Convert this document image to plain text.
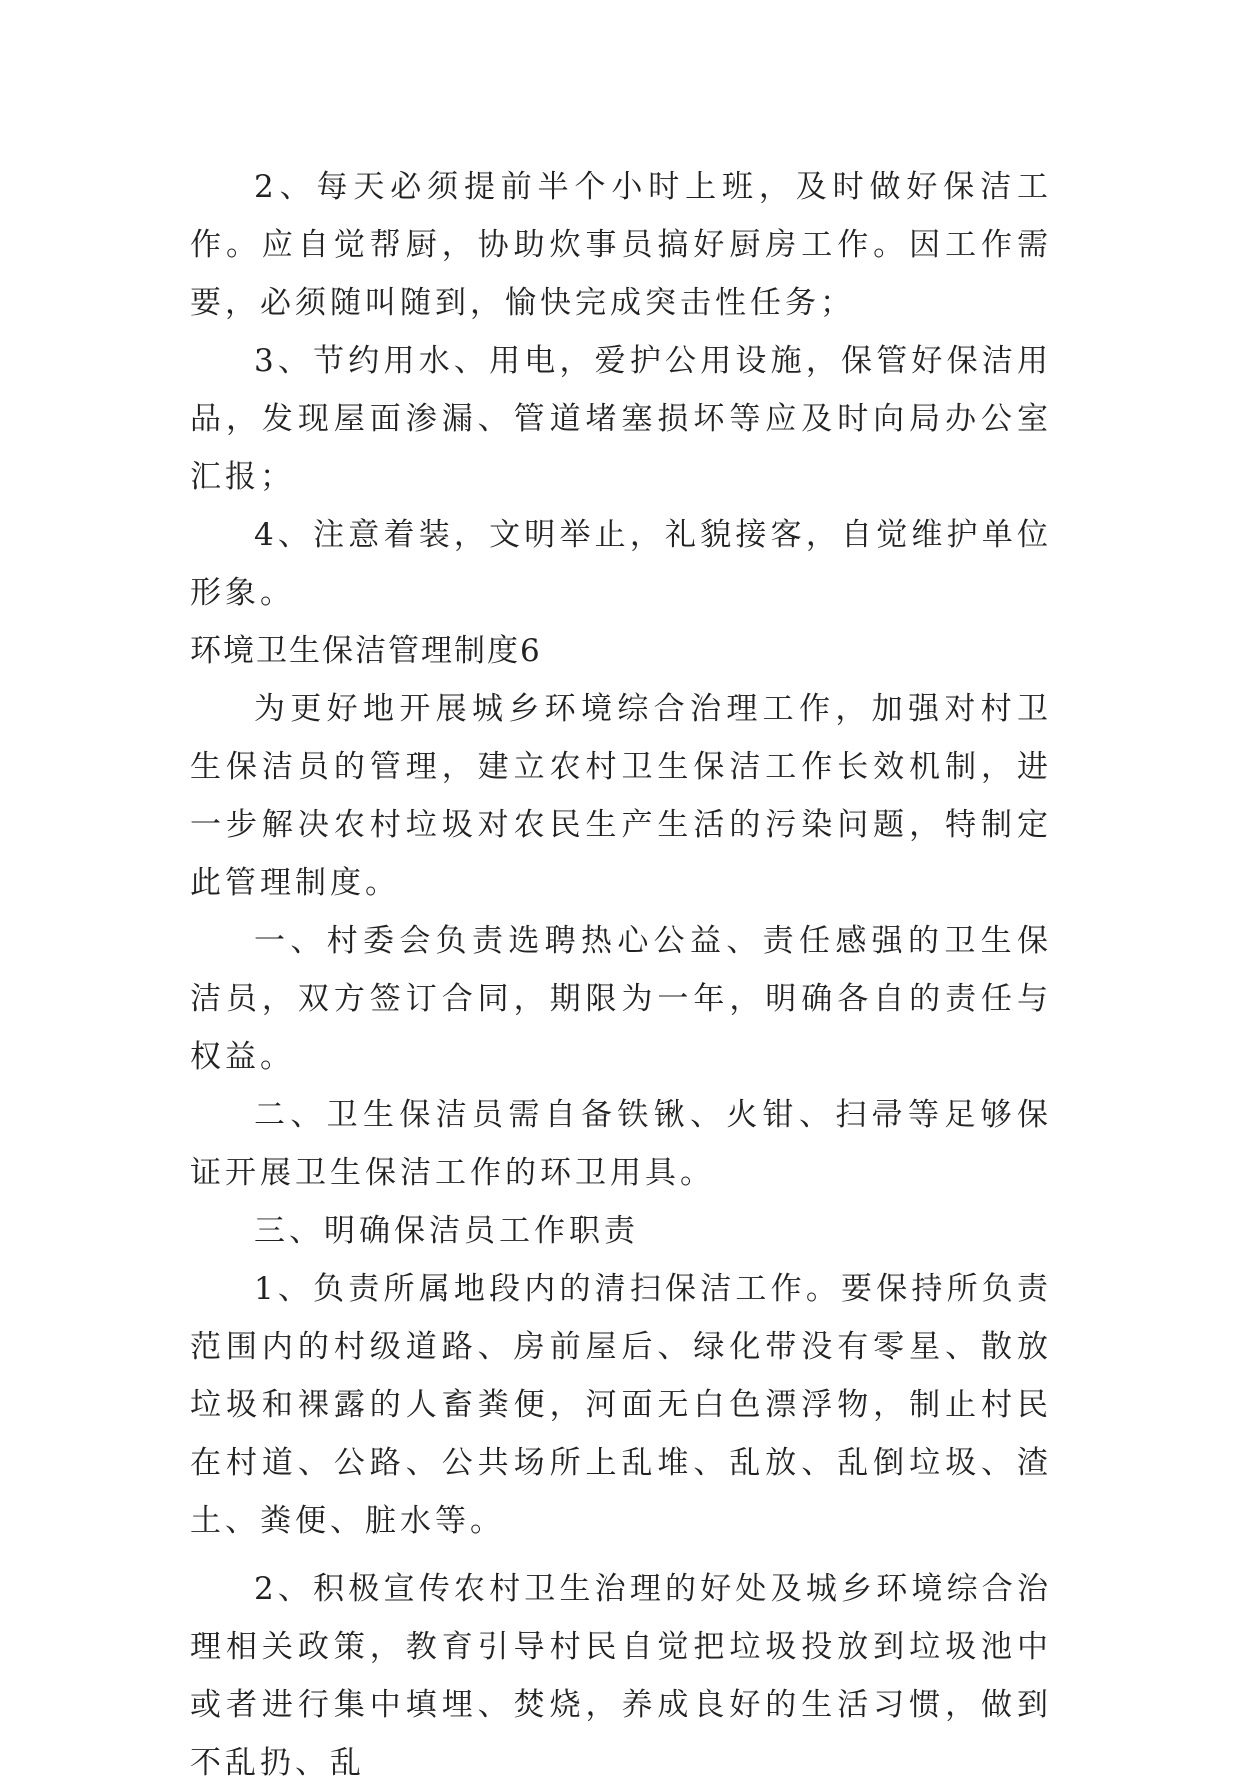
2、每天必须提前半个小时上班，及时做好保洁工作。应自觉帮厨，协助炊事员搞好厨房工作。因工作需要，必须随叫随到，愉快完成突击性任务；

3、节约用水、用电，爱护公用设施，保管好保洁用品，发现屋面渗漏、管道堵塞损坏等应及时向局办公室汇报；

4、注意着装，文明举止，礼貌接客，自觉维护单位形象。

环境卫生保洁管理制度6

为更好地开展城乡环境综合治理工作，加强对村卫生保洁员的管理，建立农村卫生保洁工作长效机制，进一步解决农村垃圾对农民生产生活的污染问题，特制定此管理制度。

一、村委会负责选聘热心公益、责任感强的卫生保洁员，双方签订合同，期限为一年，明确各自的责任与权益。

二、卫生保洁员需自备铁锹、火钳、扫帚等足够保证开展卫生保洁工作的环卫用具。

三、明确保洁员工作职责

1、负责所属地段内的清扫保洁工作。要保持所负责范围内的村级道路、房前屋后、绿化带没有零星、散放垃圾和裸露的人畜粪便，河面无白色漂浮物，制止村民在村道、公路、公共场所上乱堆、乱放、乱倒垃圾、渣土、粪便、脏水等。

2、积极宣传农村卫生治理的好处及城乡环境综合治理相关政策，教育引导村民自觉把垃圾投放到垃圾池中或者进行集中填埋、焚烧，养成良好的生活习惯，做到不乱扔、乱
